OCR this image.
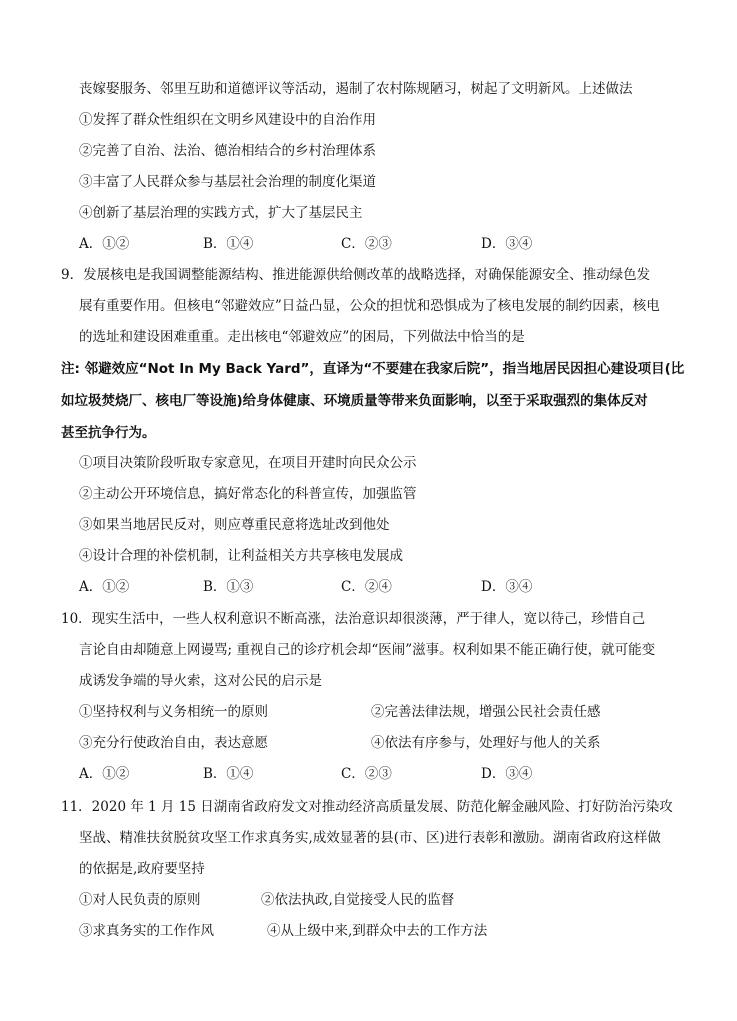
丧嫁娶服务、邻里互助和道德评议等活动，遏制了农村陈规陋习，树起了文明新风。上述做法
①发挥了群众性组织在文明乡风建设中的自治作用
②完善了自治、法治、德治相结合的乡村治理体系
③丰富了人民群众参与基层社会治理的制度化渠道
④创新了基层治理的实践方式，扩大了基层民主
A．①②	B．①④	C．②③	D．③④
9．发展核电是我国调整能源结构、推进能源供给侧改革的战略选择，对确保能源安全、推动绿色发
展有重要作用。但核电“邻避效应”日益凸显，公众的担忧和恐惧成为了核电发展的制约因素，核电
的选址和建设困难重重。走出核电“邻避效应”的困局，下列做法中恰当的是
注: 邻避效应“Not In My Back Yard”，直译为“不要建在我家后院”，指当地居民因担心建设项目(比
如垃圾焚烧厂、核电厂等设施)给身体健康、环境质量等带来负面影响，以至于采取强烈的集体反对
甚至抗争行为。
①项目决策阶段听取专家意见，在项目开建时向民众公示
②主动公开环境信息，搞好常态化的科普宣传，加强监管
③如果当地居民反对，则应尊重民意将选址改到他处
④设计合理的补偿机制，让利益相关方共享核电发展成
A．①②	B．①③	C．②④	D．③④
10．现实生活中，一些人权利意识不断高涨，法治意识却很淡薄，严于律人，宽以待己，珍惜自己
言论自由却随意上网谩骂; 重视自己的诊疗机会却“医闹”滋事。权利如果不能正确行使，就可能变
成诱发争端的导火索，这对公民的启示是
①坚持权利与义务相统一的原则	②完善法律法规，增强公民社会责任感
③充分行使政治自由，表达意愿	④依法有序参与，处理好与他人的关系
A．①②	B．①④	C．②③	D．③④
11．2020 年 1 月 15 日湖南省政府发文对推动经济高质量发展、防范化解金融风险、打好防治污染攻
坚战、精准扶贫脱贫攻坚工作求真务实,成效显著的县(市、区)进行表彰和激励。湖南省政府这样做
的依据是,政府要坚持
①对人民负责的原则	②依法执政,自觉接受人民的监督
③求真务实的工作作风	④从上级中来,到群众中去的工作方法
